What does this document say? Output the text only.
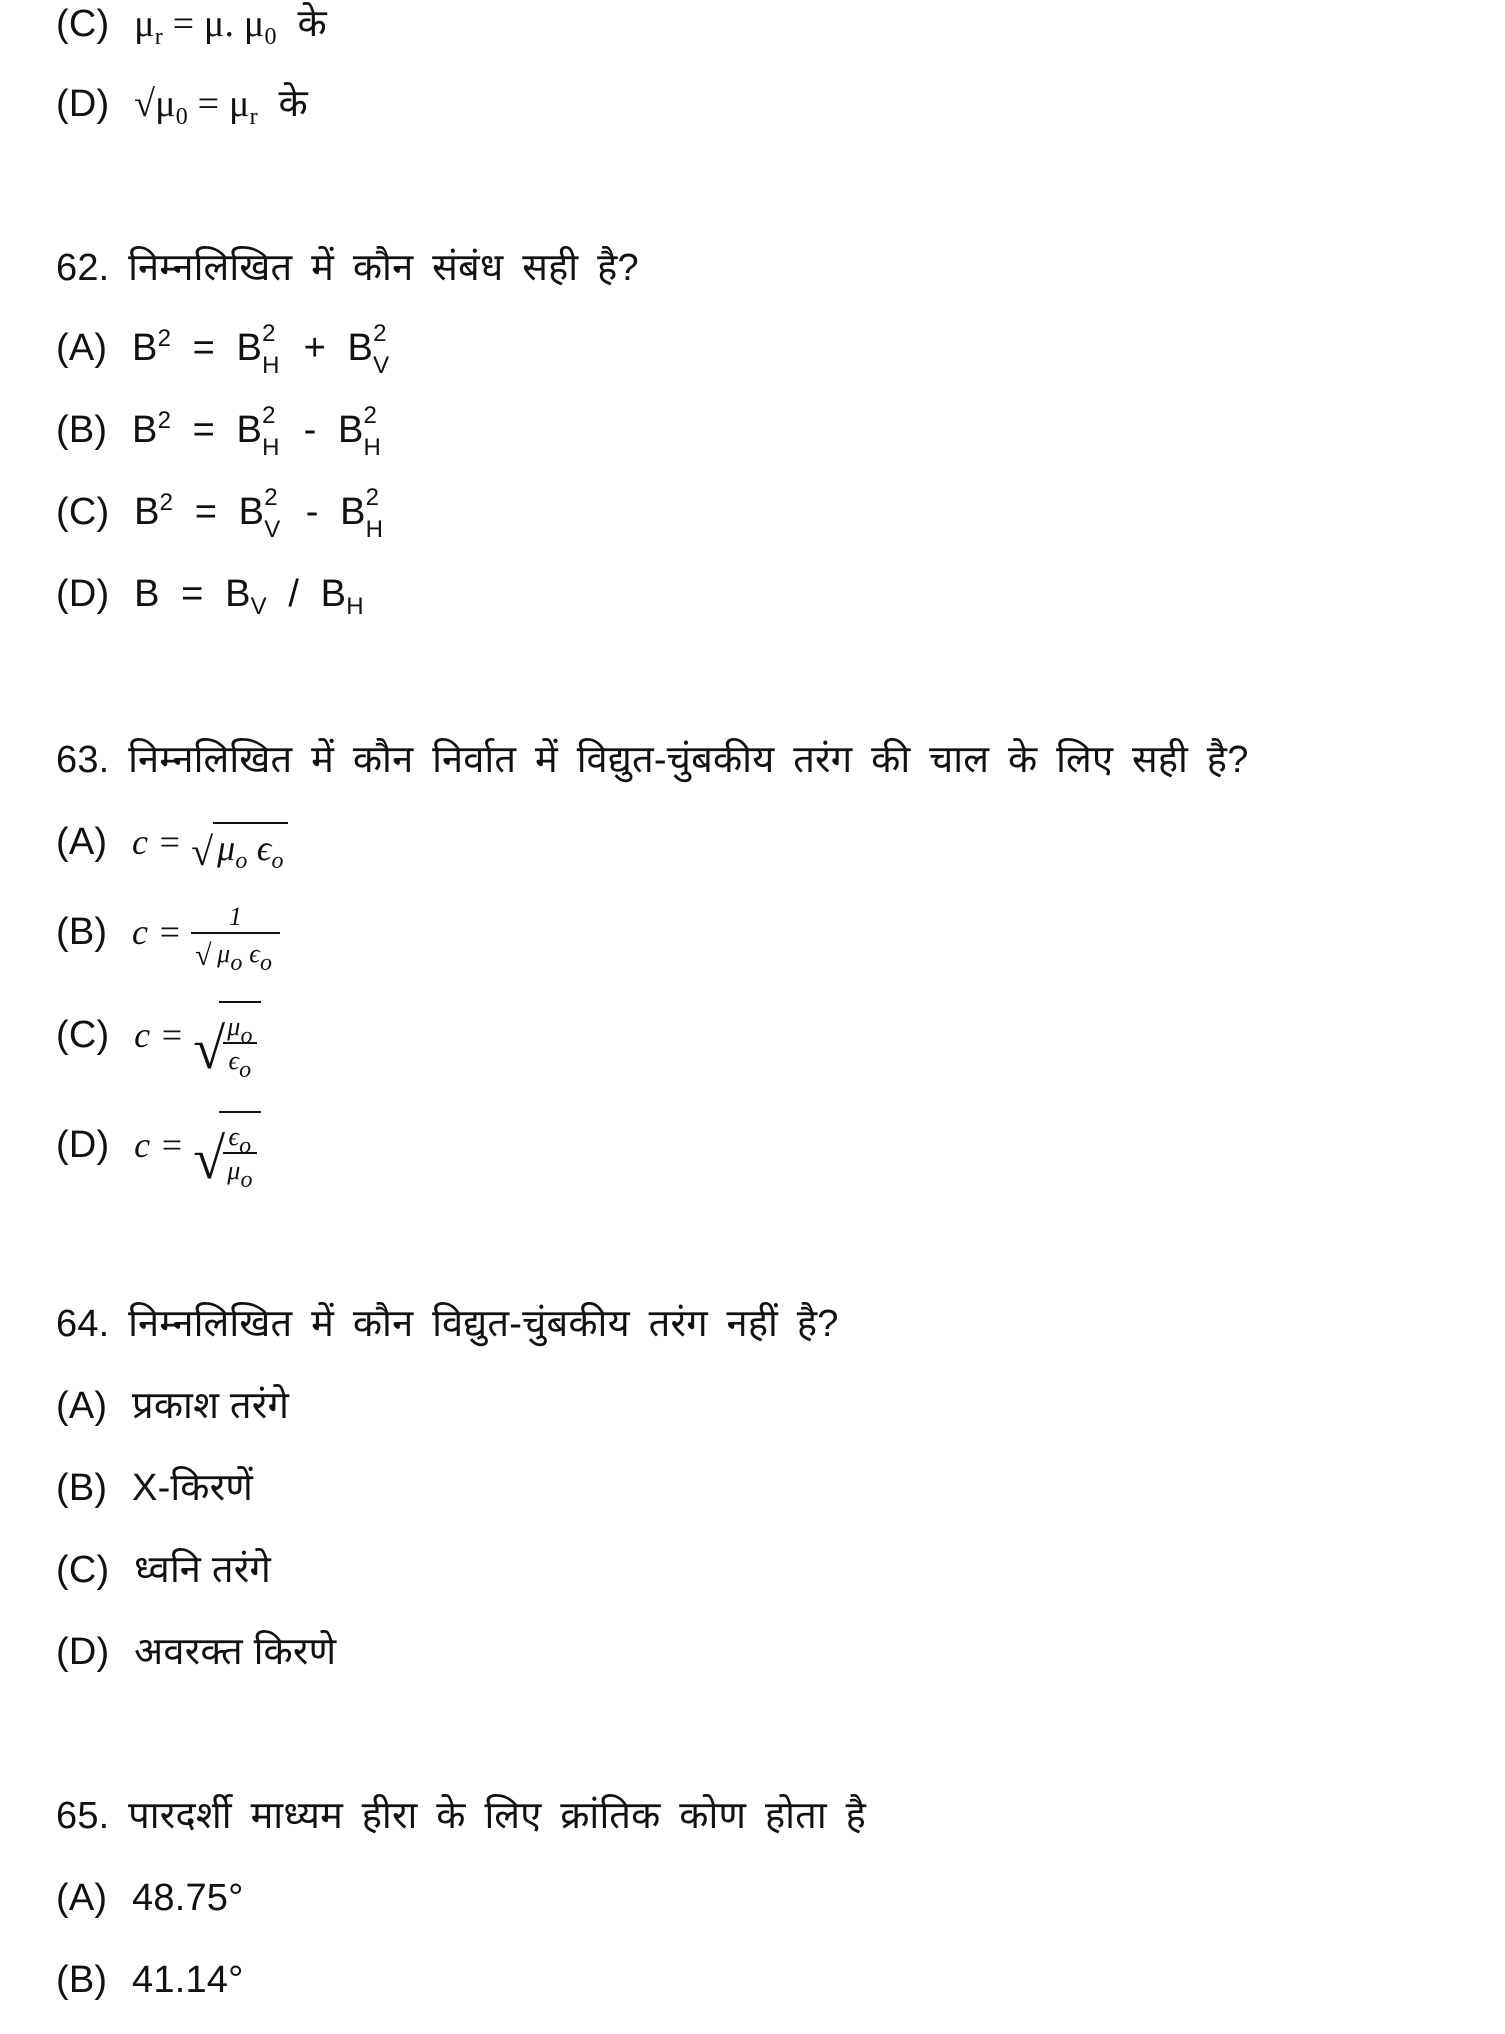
(C) $\mu_r = \mu$. $\mu_0$ के
(D) $√\mu_0 = \mu_r$ के
62. निम्नलिखित में कौन संबंध सही है?
(A) $B^2 = B$ 2
H +  B 2
V
(B) $B^2 = B$ 2
H -  B 2
H
(C) $B^2 = B$ 2
V -  B 2
H
(D) $B = B_V / B_H$
63. निम्नलिखित में कौन निर्वात में विद्युत-चुंबकीय तरंग की चाल के लिए सही है?
(A) c = √ $\mu_o$ $\epsilon_o$
(B) $c = \frac{1}{√ \mu_o \epsilon_o}$
(C) c = √
$\frac{\mu_o}{\epsilon_o}$
(D) c = √
$\frac{\epsilon_o}{\mu_o}$
64. निम्नलिखित में कौन विद्युत-चुंबकीय तरंग नहीं है?
(A) प्रकाश तरंगे
(B) X-किरणें
(C) ध्वनि तरंगे
(D) अवरक्त किरणे
65. पारदर्शी माध्यम हीरा के लिए क्रांतिक कोण होता है
(A) 48.75°
(B) 41.14°
